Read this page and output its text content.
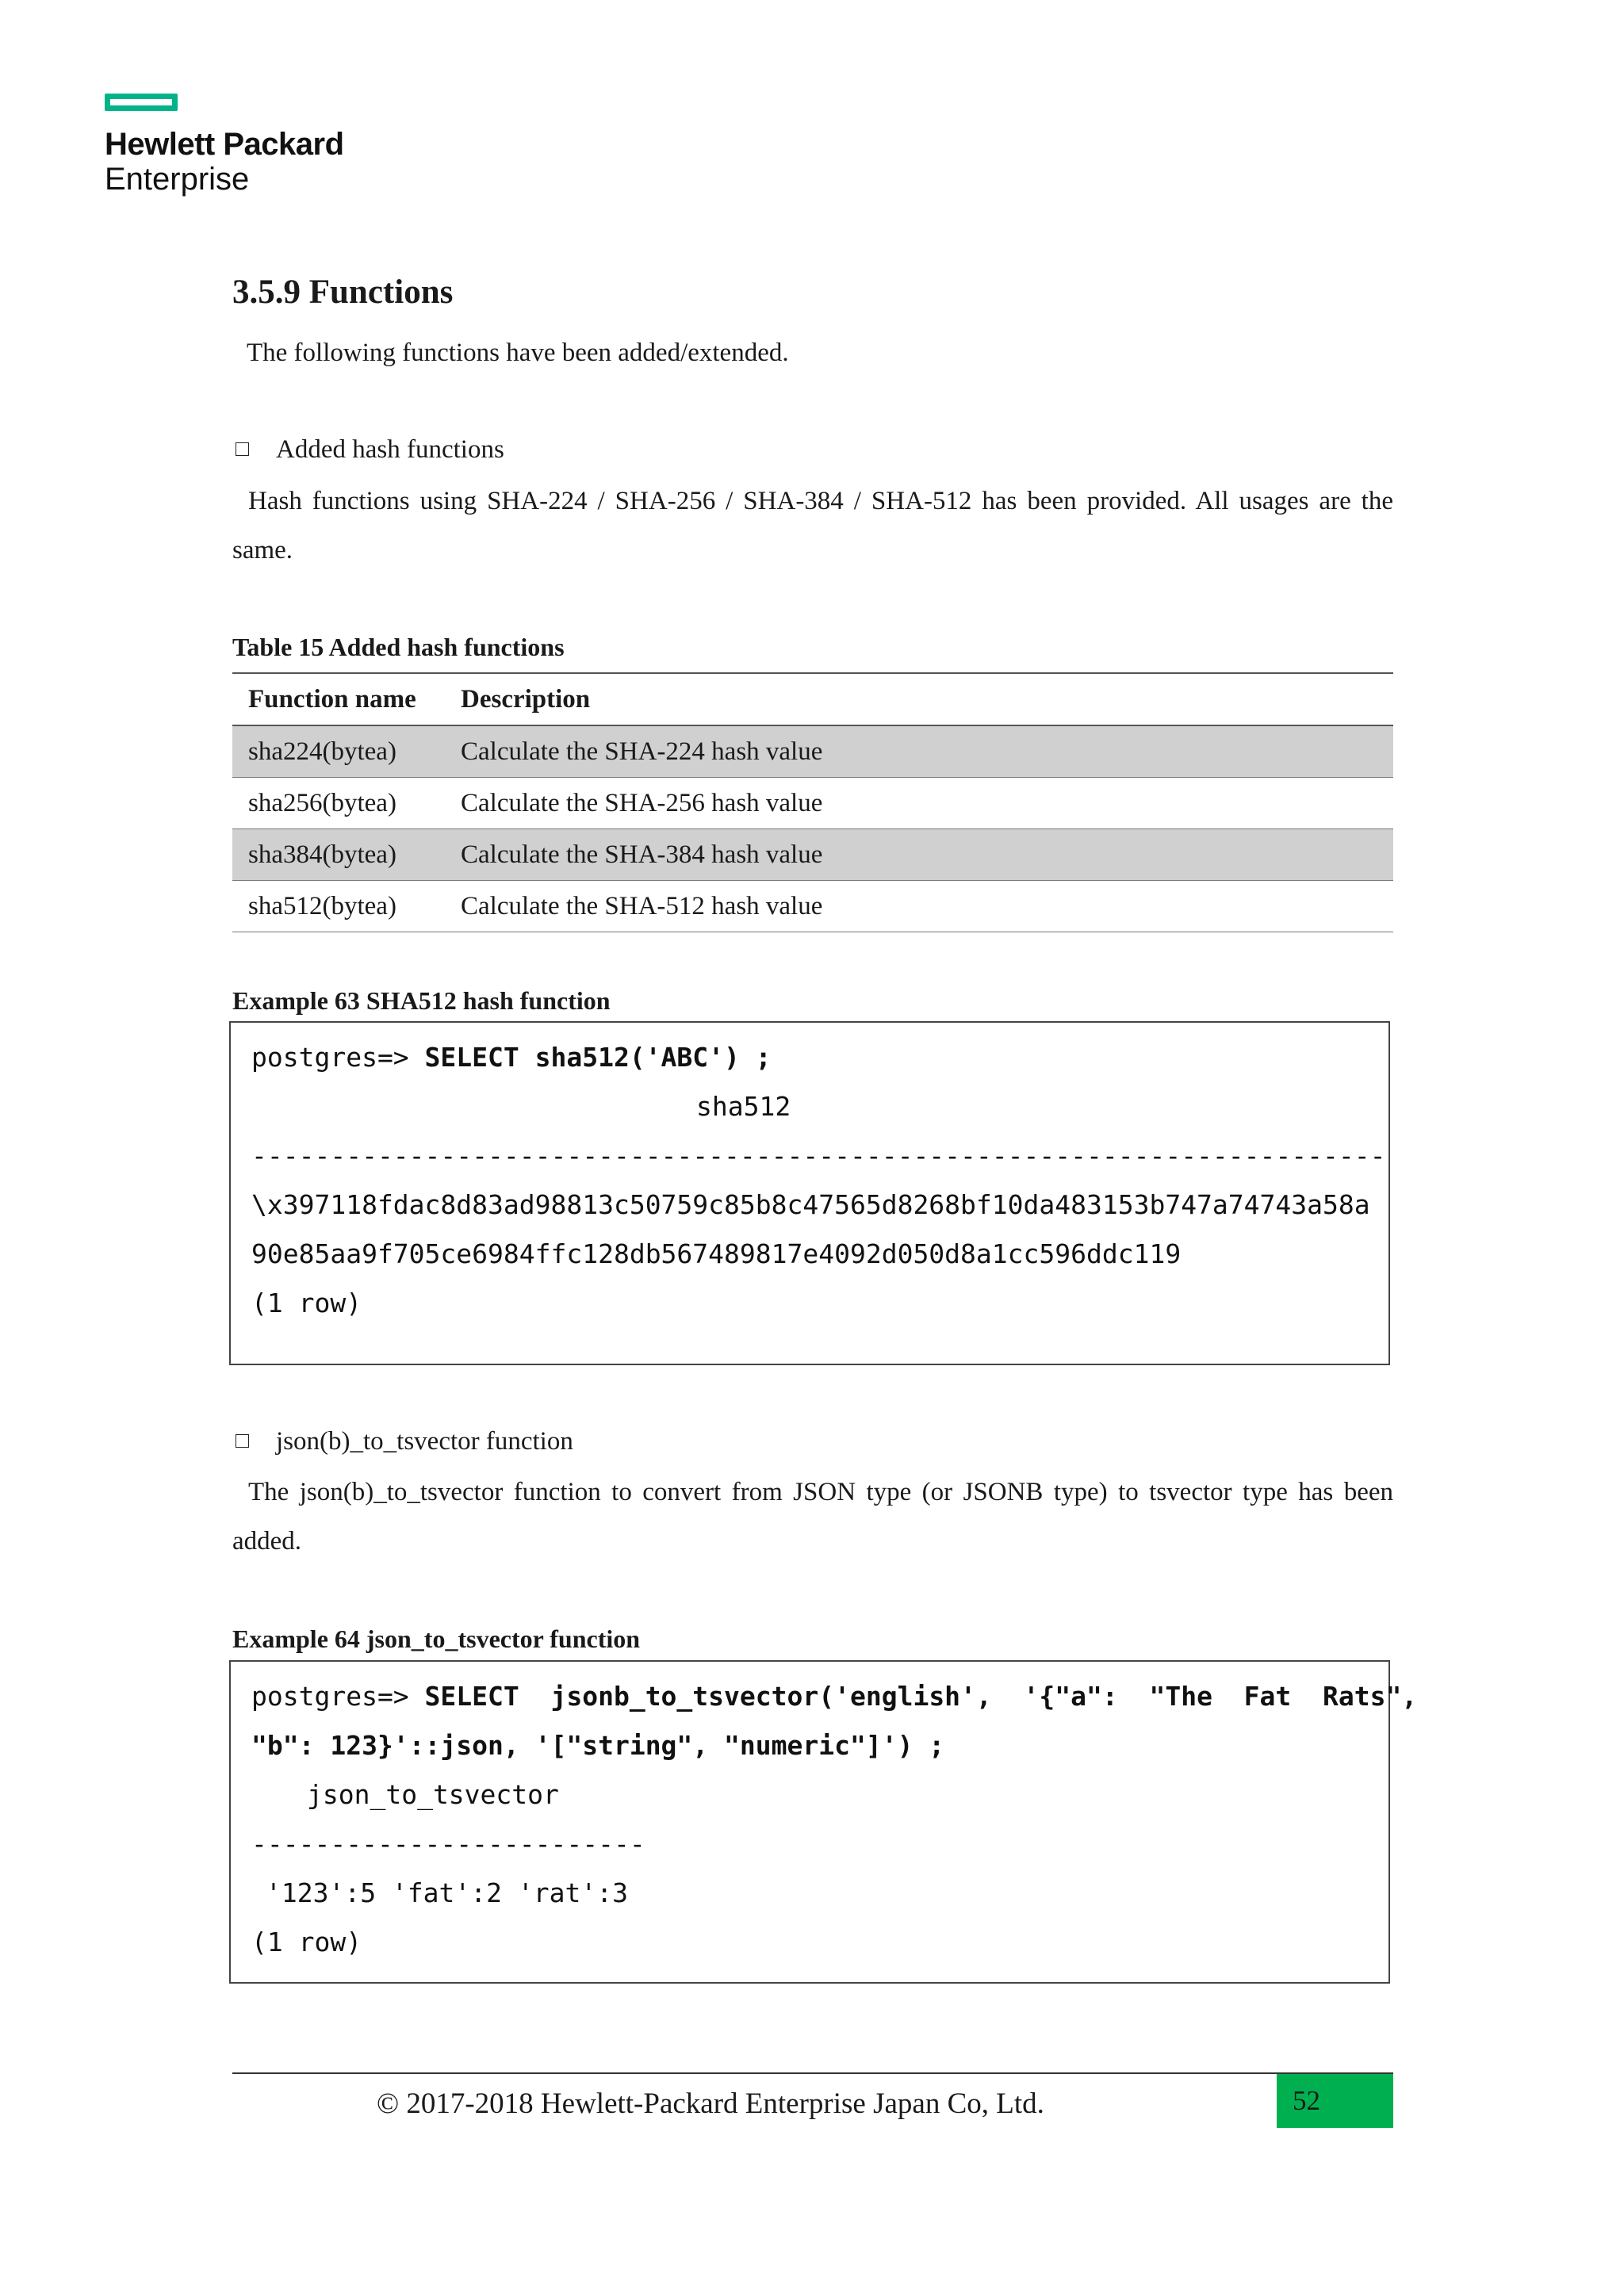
Hewlett Packard
Enterprise
3.5.9 Functions
The following functions have been added/extended.
Added hash functions
Hash functions using SHA-224 / SHA-256 / SHA-384 / SHA-512 has been provided. All usages are the same.
Table 15 Added hash functions
Function name	Description
sha224(bytea)	Calculate the SHA-224 hash value
sha256(bytea)	Calculate the SHA-256 hash value
sha384(bytea)	Calculate the SHA-384 hash value
sha512(bytea)	Calculate the SHA-512 hash value
Example 63 SHA512 hash function
postgres=> SELECT sha512('ABC') ;
sha512
------------------------------------------------------------------------
\x397118fdac8d83ad98813c50759c85b8c47565d8268bf10da483153b747a74743a58a
90e85aa9f705ce6984ffc128db567489817e4092d050d8a1cc596ddc119
(1 row)
json(b)_to_tsvector function
The json(b)_to_tsvector function to convert from JSON type (or JSONB type) to tsvector type has been added.
Example 64 json_to_tsvector function
postgres=> SELECT  jsonb_to_tsvector('english',  '{"a":  "The  Fat  Rats",
"b": 123}'::json, '["string", "numeric"]') ;
json_to_tsvector
-------------------------
'123':5 'fat':2 'rat':3
(1 row)
© 2017-2018 Hewlett-Packard Enterprise Japan Co, Ltd.	52
